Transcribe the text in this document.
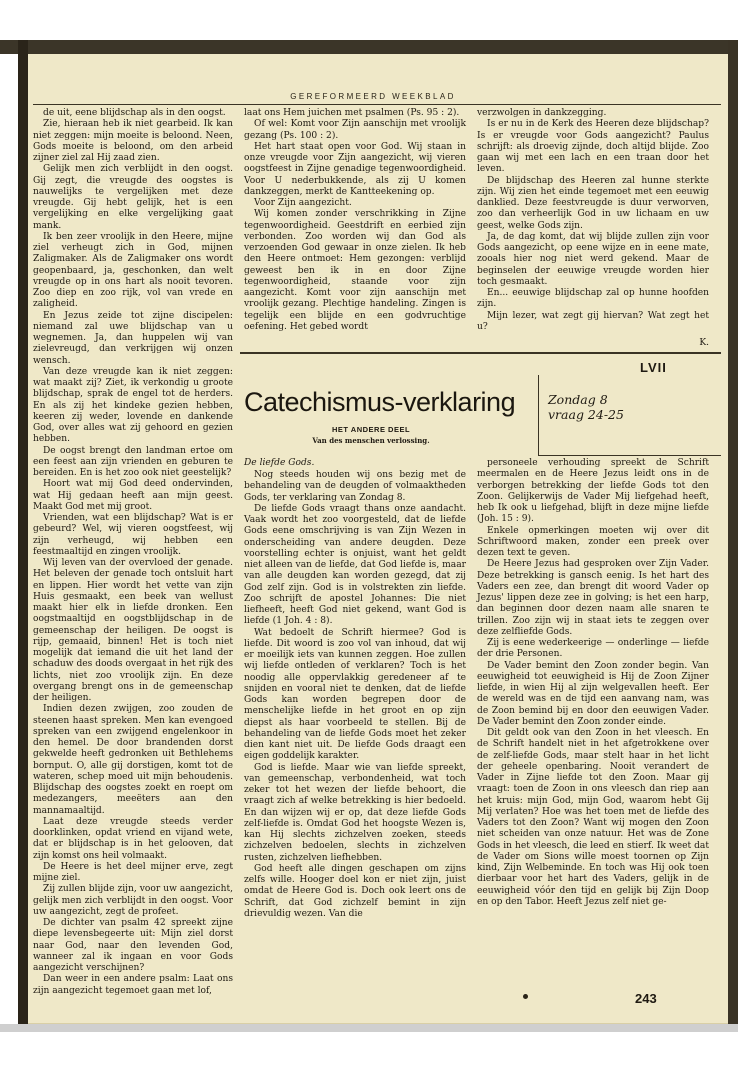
GEREFORMEERD WEEKBLAD

de uit, eene blijdschap als in den oogst.

Zie, hieraan heb ik niet gearbeid. Ik kan niet zeggen: mijn moeite is beloond. Neen, Gods moeite is beloond, om den arbeid zijner ziel zal Hij zaad zien.

Gelijk men zich verblijdt in den oogst. Gij zegt, die vreugde des oogstes is nauwelijks te vergelijken met deze vreugde. Gij hebt gelijk, het is een vergelijking en elke vergelijking gaat mank.

Ik ben zeer vroolijk in den Heere, mijne ziel verheugt zich in God, mijnen Zaligmaker. Als de Zaligmaker ons wordt geopenbaard, ja, geschonken, dan welt vreugde op in ons hart als nooit tevoren. Zoo diep en zoo rijk, vol van vrede en zaligheid.

En Jezus zeide tot zijne discipelen: niemand zal uwe blijdschap van u wegnemen. Ja, dan huppelen wij van zielevreugd, dan verkrijgen wij onzen wensch.

Van deze vreugde kan ik niet zeggen: wat maakt zij? Ziet, ik verkondig u groote blijdschap, sprak de engel tot de herders. En als zij het kindeke gezien hebben, keeren zij weder, lovende en dankende God, over alles wat zij gehoord en gezien hebben.

De oogst brengt den landman ertoe om een feest aan zijn vrienden en geburen te bereiden. En is het zoo ook niet geestelijk?

Hoort wat mij God deed ondervinden, wat Hij gedaan heeft aan mijn geest. Maakt God met mij groot.

Vrienden, wat een blijdschap? Wat is er gebeurd? Wel, wij vieren oogstfeest, wij zijn verheugd, wij hebben een feestmaaltijd en zingen vroolijk.

Wij leven van der overvloed der genade. Het beleven der genade toch ontsluit hart en lippen. Hier wordt het vette van zijn Huis gesmaakt, een beek van wellust maakt hier elk in liefde dronken. Een oogstmaaltijd en oogstblijdschap in de gemeenschap der heiligen. De oogst is rijp, gemaaid, binnen! Het is toch niet mogelijk dat iemand die uit het land der schaduw des doods overgaat in het rijk des lichts, niet zoo vroolijk zijn. En deze overgang brengt ons in de gemeenschap der heiligen.

Indien dezen zwijgen, zoo zouden de steenen haast spreken. Men kan evengoed spreken van een zwijgend engelenkoor in den hemel. De door brandenden dorst gekwelde heeft gedronken uit Bethlehems bornput. O, alle gij dorstigen, komt tot de wateren, schep moed uit mijn behoudenis. Blijdschap des oogstes zoekt en roept om medezangers, meeëters aan den mannamaaltijd.

Laat deze vreugde steeds verder doorklinken, opdat vriend en vijand wete, dat er blijdschap is in het gelooven, dat zijn komst ons heil volmaakt.

De Heere is het deel mijner erve, zegt mijne ziel.

Zij zullen blijde zijn, voor uw aangezicht, gelijk men zich verblijdt in den oogst. Voor uw aangezicht, zegt de profeet.

De dichter van psalm 42 spreekt zijne diepe levensbegeerte uit: Mijn ziel dorst naar God, naar den levenden God, wanneer zal ik ingaan en voor Gods aangezicht verschijnen?

Dan weer in een andere psalm: Laat ons zijn aangezicht tegemoet gaan met lof,

laat ons Hem juichen met psalmen (Ps. 95 : 2).

Of wel: Komt voor Zijn aanschijn met vroolijk gezang (Ps. 100 : 2).

Het hart staat open voor God. Wij staan in onze vreugde voor Zijn aangezicht, wij vieren oogstfeest in Zijne genadige tegenwoordigheid. Voor U nederbukkende, als zij U komen dankzeggen, merkt de Kantteekening op.

Voor Zijn aangezicht.

Wij komen zonder verschrikking in Zijne tegenwoordigheid. Geestdrift en eerbied zijn verbonden. Zoo worden wij dan God als verzoenden God gewaar in onze zielen. Ik heb den Heere ontmoet: Hem gezongen: verblijd geweest ben ik in en door Zijne tegenwoordigheid, staande voor zijn aangezicht. Komt voor zijn aanschijn met vroolijk gezang. Plechtige handeling. Zingen is tegelijk een blijde en een godvruchtige oefening. Het gebed wordt

verzwolgen in dankzegging.

Is er nu in de Kerk des Heeren deze blijdschap? Is er vreugde voor Gods aangezicht? Paulus schrijft: als droevig zijnde, doch altijd blijde. Zoo gaan wij met een lach en een traan door het leven.

De blijdschap des Heeren zal hunne sterkte zijn. Wij zien het einde tegemoet met een eeuwig danklied. Deze feestvreugde is duur verworven, zoo dan verheerlijk God in uw lichaam en uw geest, welke Gods zijn.

Ja, de dag komt, dat wij blijde zullen zijn voor Gods aangezicht, op eene wijze en in eene mate, zooals hier nog niet werd gekend. Maar de beginselen der eeuwige vreugde worden hier toch gesmaakt.

En... eeuwige blijdschap zal op hunne hoofden zijn.

Mijn lezer, wat zegt gij hiervan? Wat zegt het u?

K.
LVII
Catechismus-verklaring
HET ANDERE DEEL
Van des menschen verlossing.
Zondag 8
vraag 24-25
De liefde Gods.

Nog steeds houden wij ons bezig met de behandeling van de deugden of volmaaktheden Gods, ter verklaring van Zondag 8.

De liefde Gods vraagt thans onze aandacht. Vaak wordt het zoo voorgesteld, dat de liefde Gods eene omschrijving is van Zijn Wezen in onderscheiding van andere deugden. Deze voorstelling echter is onjuist, want het geldt niet alleen van de liefde, dat God liefde is, maar van alle deugden kan worden gezegd, dat zij God zelf zijn. God is in volstrekten zin liefde. Zoo schrijft de apostel Johannes: Die niet liefheeft, heeft God niet gekend, want God is liefde (1 Joh. 4 : 8).

Wat bedoelt de Schrift hiermee? God is liefde. Dit woord is zoo vol van inhoud, dat wij er moeilijk iets van kunnen zeggen. Hoe zullen wij liefde ontleden of verklaren? Toch is het noodig alle oppervlakkig geredeneer af te snijden en vooral niet te denken, dat de liefde Gods kan worden begrepen door de menschelijke liefde in het groot en op zijn diepst als haar voorbeeld te stellen. Bij de behandeling van de liefde Gods moet het zeker dien kant niet uit. De liefde Gods draagt een eigen goddelijk karakter.

God is liefde. Maar wie van liefde spreekt, van gemeenschap, verbondenheid, wat toch zeker tot het wezen der liefde behoort, die vraagt zich af welke betrekking is hier bedoeld. En dan wijzen wij er op, dat deze liefde Gods zelf-liefde is. Omdat God het hoogste Wezen is, kan Hij slechts zichzelven zoeken, steeds zichzelven bedoelen, slechts in zichzelven rusten, zichzelven liefhebben.

God heeft alle dingen geschapen om zijns zelfs wille. Hooger doel kon er niet zijn, juist omdat de Heere God is. Doch ook leert ons de Schrift, dat God zichzelf bemint in zijn drievuldig wezen. Van die

personeele verhouding spreekt de Schrift meermalen en de Heere Jezus leidt ons in de verborgen betrekking der liefde Gods tot den Zoon. Gelijkerwijs de Vader Mij liefgehad heeft, heb Ik ook u liefgehad, blijft in deze mijne liefde (Joh. 15 : 9).

Enkele opmerkingen moeten wij over dit Schriftwoord maken, zonder een preek over dezen text te geven.

De Heere Jezus had gesproken over Zijn Vader. Deze betrekking is gansch eenig. Is het hart des Vaders een zee, dan brengt dit woord Vader op Jezus' lippen deze zee in golving; is het een harp, dan beginnen door dezen naam alle snaren te trillen. Zoo zijn wij in staat iets te zeggen over deze zelfliefde Gods.

Zij is eene wederkeerige — onderlinge — liefde der drie Personen.

De Vader bemint den Zoon zonder begin. Van eeuwigheid tot eeuwigheid is Hij de Zoon Zijner liefde, in wien Hij al zijn welgevallen heeft. Eer de wereld was en de tijd een aanvang nam, was de Zoon bemind bij en door den eeuwigen Vader. De Vader bemint den Zoon zonder einde.

Dit geldt ook van den Zoon in het vleesch. En de Schrift handelt niet in het afgetrokkene over de zelf-liefde Gods, maar stelt haar in het licht der geheele openbaring. Nooit verandert de Vader in Zijne liefde tot den Zoon. Maar gij vraagt: toen de Zoon in ons vleesch dan riep aan het kruis: mijn God, mijn God, waarom hebt Gij Mij verlaten? Hoe was het toen met de liefde des Vaders tot den Zoon? Want wij mogen den Zoon niet scheiden van onze natuur. Het was de Zone Gods in het vleesch, die leed en stierf. Ik weet dat de Vader om Sions wille moest toornen op Zijn kind, Zijn Welbeminde. En toch was Hij ook toen dierbaar voor het hart des Vaders, gelijk in de eeuwigheid vóór den tijd en gelijk bij Zijn Doop en op den Tabor. Heeft Jezus zelf niet ge-

243
